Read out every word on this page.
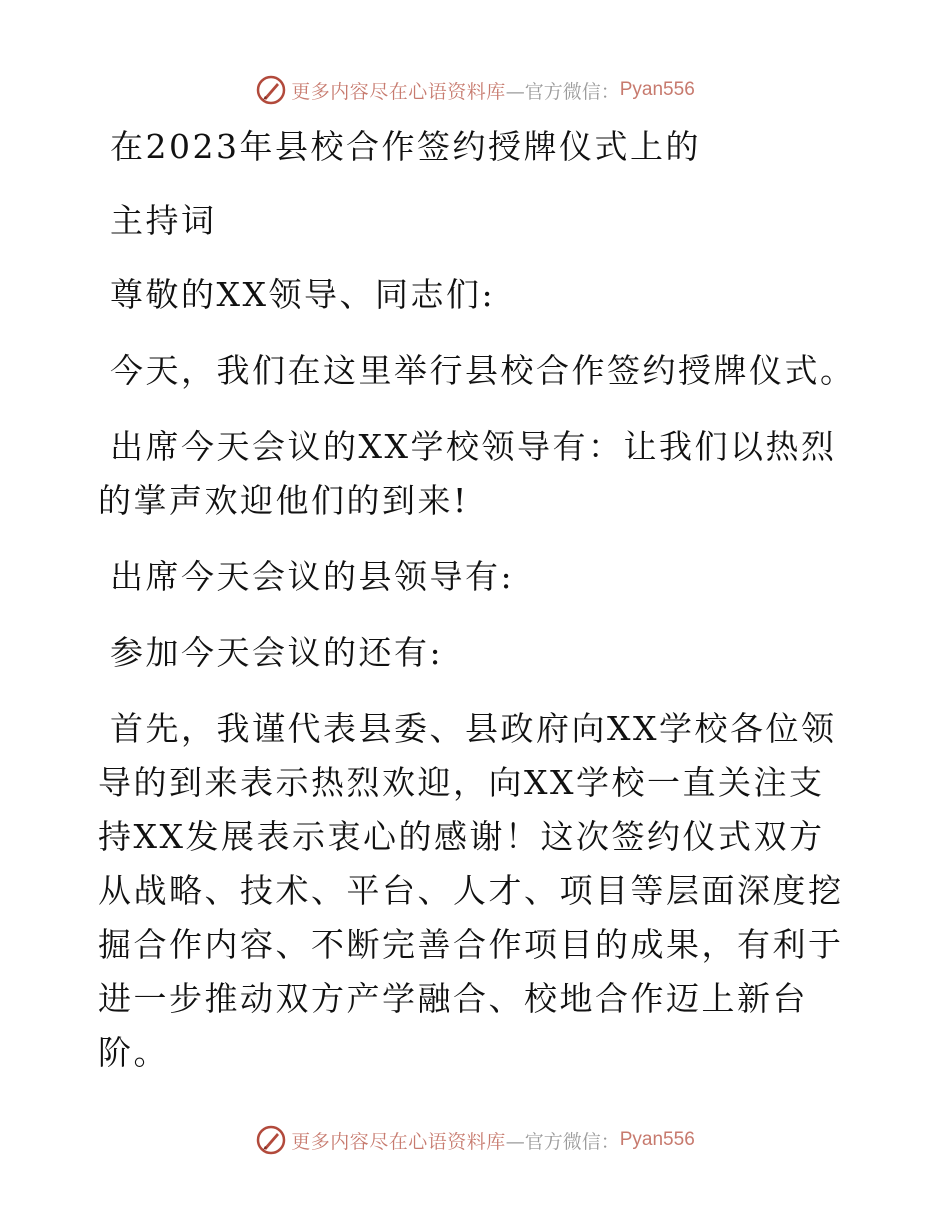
更多内容尽在心语资料库 —官方微信： Pyan556

在2023年县校合作签约授牌仪式上的

主持词

尊敬的XX领导、同志们:

今天，我们在这里举行县校合作签约授牌仪式。

出席今天会议的XX学校领导有：让我们以热烈的掌声欢迎他们的到来!

出席今天会议的县领导有:

参加今天会议的还有:

首先，我谨代表县委、县政府向XX学校各位领导的到来表示热烈欢迎，向XX学校一直关注支持XX发展表示衷心的感谢！这次签约仪式双方从战略、技术、平台、人才、项目等层面深度挖掘合作内容、不断完善合作项目的成果，有利于进一步推动双方产学融合、校地合作迈上新台阶。

更多内容尽在心语资料库 —官方微信： Pyan556
